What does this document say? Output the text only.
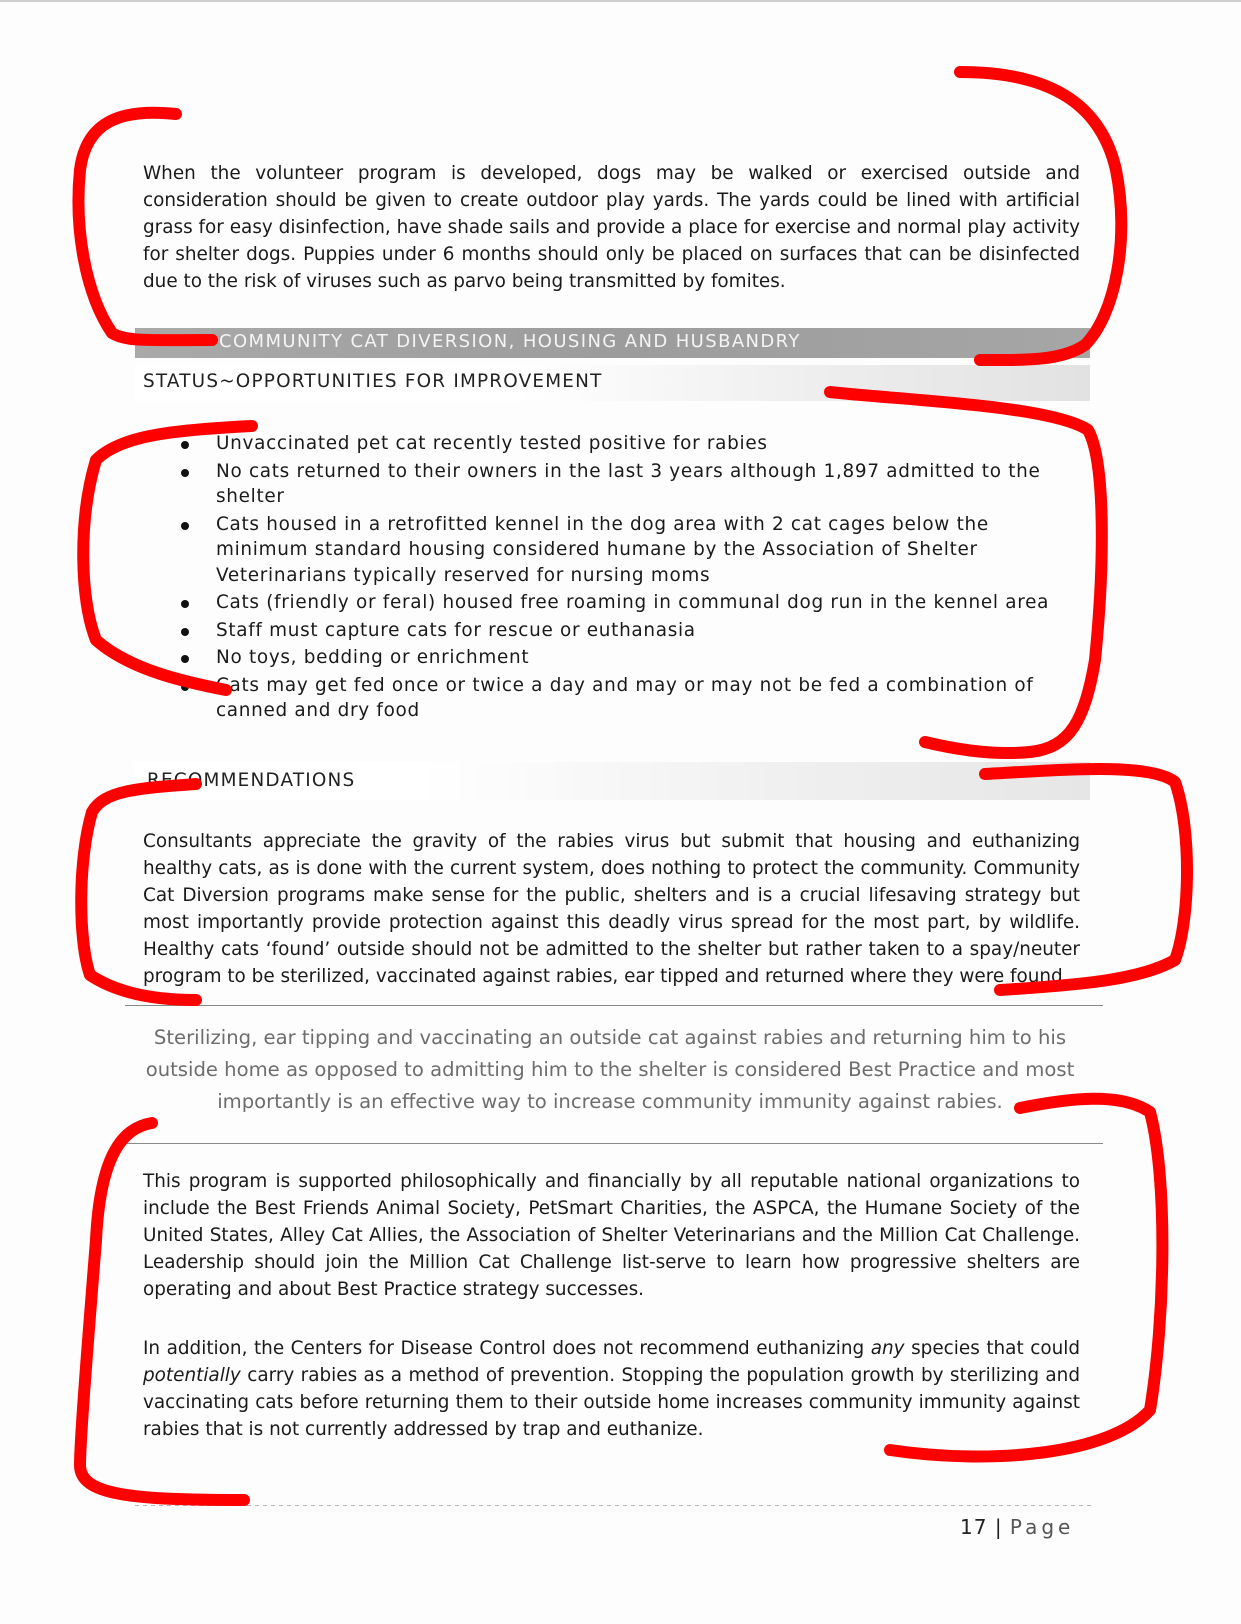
When the volunteer program is developed, dogs may be walked or exercised outside and consideration should be given to create outdoor play yards. The yards could be lined with artificial grass for easy disinfection, have shade sails and provide a place for exercise and normal play activity for shelter dogs. Puppies under 6 months should only be placed on surfaces that can be disinfected due to the risk of viruses such as parvo being transmitted by fomites.

COMMUNITY CAT DIVERSION, HOUSING AND HUSBANDRY
STATUS~OPPORTUNITIES FOR IMPROVEMENT
Unvaccinated pet cat recently tested positive for rabies
No cats returned to their owners in the last 3 years although 1,897 admitted to the shelter
Cats housed in a retrofitted kennel in the dog area with 2 cat cages below the minimum standard housing considered humane by the Association of Shelter Veterinarians typically reserved for nursing moms
Cats (friendly or feral) housed free roaming in communal dog run in the kennel area
Staff must capture cats for rescue or euthanasia
No toys, bedding or enrichment
Cats may get fed once or twice a day and may or may not be fed a combination of canned and dry food
RECOMMENDATIONS

Consultants appreciate the gravity of the rabies virus but submit that housing and euthanizing healthy cats, as is done with the current system, does nothing to protect the community. Community Cat Diversion programs make sense for the public, shelters and is a crucial lifesaving strategy but most importantly provide protection against this deadly virus spread for the most part, by wildlife. Healthy cats ‘found’ outside should not be admitted to the shelter but rather taken to a spay/neuter program to be sterilized, vaccinated against rabies, ear tipped and returned where they were found.

Sterilizing, ear tipping and vaccinating an outside cat against rabies and returning him to his outside home as opposed to admitting him to the shelter is considered Best Practice and most importantly is an effective way to increase community immunity against rabies.

This program is supported philosophically and financially by all reputable national organizations to include the Best Friends Animal Society, PetSmart Charities, the ASPCA, the Humane Society of the United States, Alley Cat Allies, the Association of Shelter Veterinarians and the Million Cat Challenge. Leadership should join the Million Cat Challenge list-serve to learn how progressive shelters are operating and about Best Practice strategy successes.

In addition, the Centers for Disease Control does not recommend euthanizing any species that could potentially carry rabies as a method of prevention. Stopping the population growth by sterilizing and vaccinating cats before returning them to their outside home increases community immunity against rabies that is not currently addressed by trap and euthanize.

17 | Page
